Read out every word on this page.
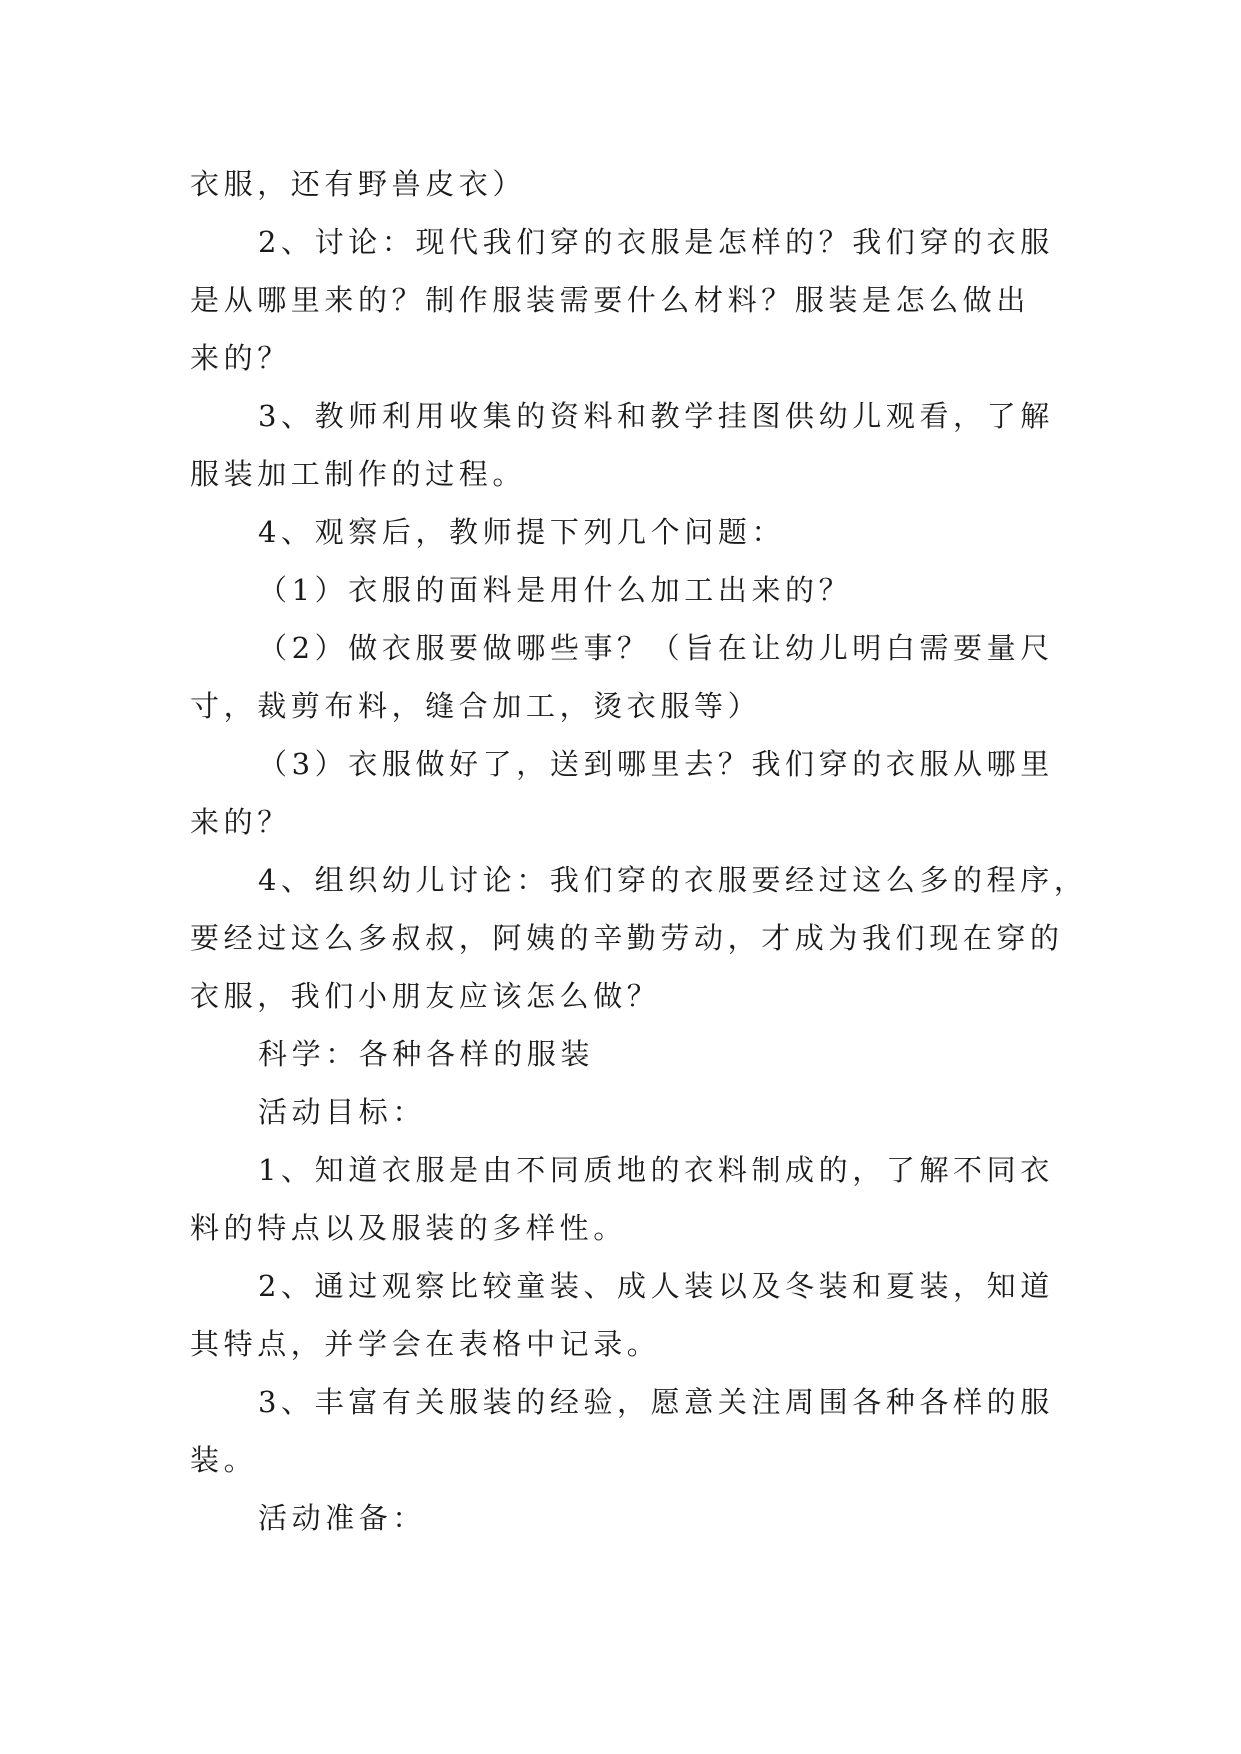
衣服，还有野兽皮衣）
2、讨论：现代我们穿的衣服是怎样的？我们穿的衣服
是从哪里来的？制作服装需要什么材料？服装是怎么做出
来的？
3、教师利用收集的资料和教学挂图供幼儿观看，了解
服装加工制作的过程。
4、观察后，教师提下列几个问题：
（1）衣服的面料是用什么加工出来的？
（2）做衣服要做哪些事？（旨在让幼儿明白需要量尺
寸，裁剪布料，缝合加工，烫衣服等）
（3）衣服做好了，送到哪里去？我们穿的衣服从哪里
来的？
4、组织幼儿讨论：我们穿的衣服要经过这么多的程序，
要经过这么多叔叔，阿姨的辛勤劳动，才成为我们现在穿的
衣服，我们小朋友应该怎么做？
科学：各种各样的服装
活动目标：
1、知道衣服是由不同质地的衣料制成的，了解不同衣
料的特点以及服装的多样性。
2、通过观察比较童装、成人装以及冬装和夏装，知道
其特点，并学会在表格中记录。
3、丰富有关服装的经验，愿意关注周围各种各样的服
装。
活动准备：
